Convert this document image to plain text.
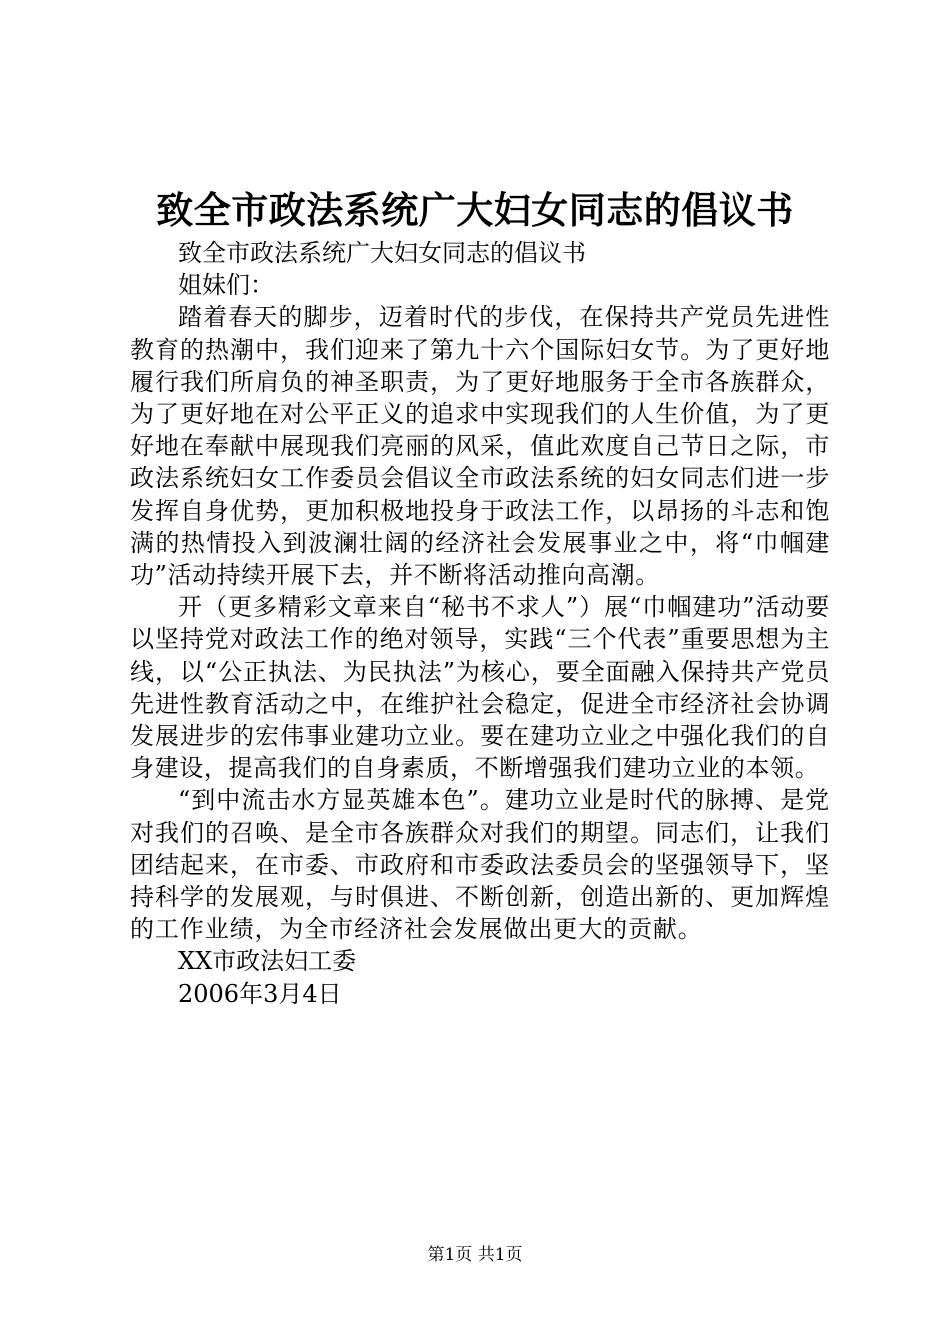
致全市政法系统广大妇女同志的倡议书

致全市政法系统广大妇女同志的倡议书

姐妹们：

踏着春天的脚步，迈着时代的步伐，在保持共产党员先进性教育的热潮中，我们迎来了第九十六个国际妇女节。为了更好地履行我们所肩负的神圣职责，为了更好地服务于全市各族群众，为了更好地在对公平正义的追求中实现我们的人生价值，为了更好地在奉献中展现我们亮丽的风采，值此欢度自己节日之际，市政法系统妇女工作委员会倡议全市政法系统的妇女同志们进一步发挥自身优势，更加积极地投身于政法工作，以昂扬的斗志和饱满的热情投入到波澜壮阔的经济社会发展事业之中，将“巾帼建功”活动持续开展下去，并不断将活动推向高潮。

开（更多精彩文章来自“秘书不求人”）展“巾帼建功”活动要以坚持党对政法工作的绝对领导，实践“三个代表”重要思想为主线，以“公正执法、为民执法”为核心，要全面融入保持共产党员先进性教育活动之中，在维护社会稳定，促进全市经济社会协调发展进步的宏伟事业建功立业。要在建功立业之中强化我们的自身建设，提高我们的自身素质，不断增强我们建功立业的本领。

“到中流击水方显英雄本色”。建功立业是时代的脉搏、是党对我们的召唤、是全市各族群众对我们的期望。同志们，让我们团结起来，在市委、市政府和市委政法委员会的坚强领导下，坚持科学的发展观，与时俱进、不断创新，创造出新的、更加辉煌的工作业绩，为全市经济社会发展做出更大的贡献。

XX市政法妇工委

2006年3月4日

第1页 共1页
